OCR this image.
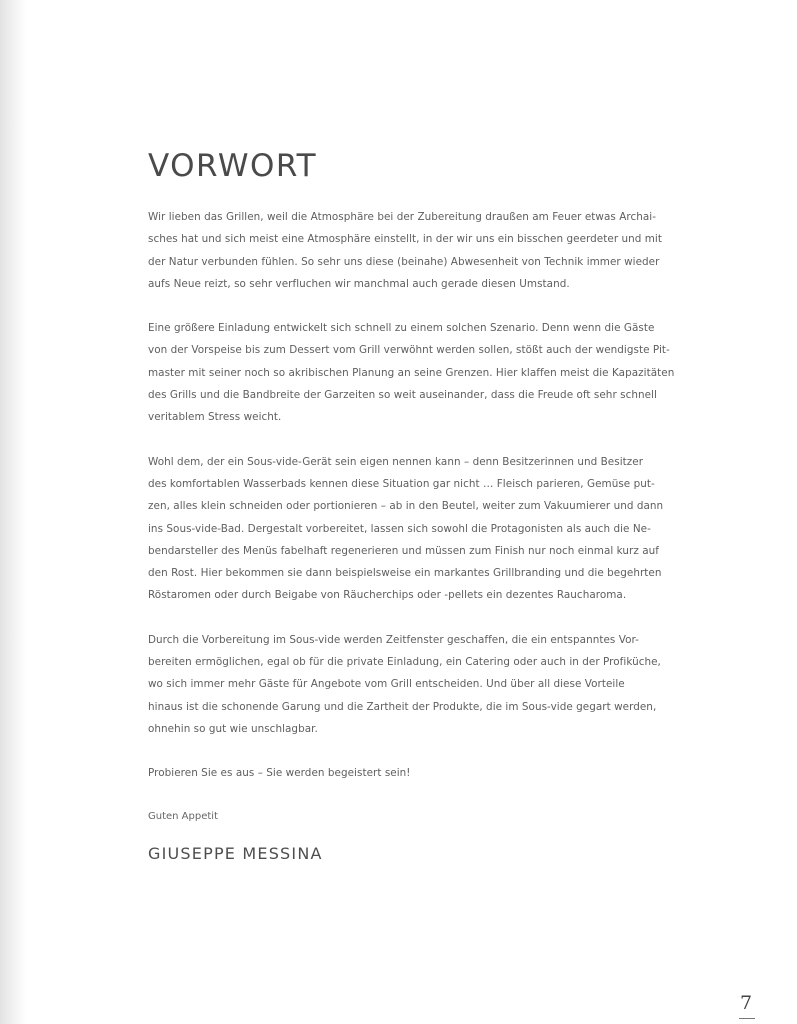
VORWORT
Wir lieben das Grillen, weil die Atmosphäre bei der Zubereitung draußen am Feuer etwas Archai-
sches hat und sich meist eine Atmosphäre einstellt, in der wir uns ein bisschen geerdeter und mit
der Natur verbunden fühlen. So sehr uns diese (beinahe) Abwesenheit von Technik immer wieder
aufs Neue reizt, so sehr verfluchen wir manchmal auch gerade diesen Umstand.
Eine größere Einladung entwickelt sich schnell zu einem solchen Szenario. Denn wenn die Gäste
von der Vorspeise bis zum Dessert vom Grill verwöhnt werden sollen, stößt auch der wendigste Pit-
master mit seiner noch so akribischen Planung an seine Grenzen. Hier klaffen meist die Kapazitäten
des Grills und die Bandbreite der Garzeiten so weit auseinander, dass die Freude oft sehr schnell
veritablem Stress weicht.
Wohl dem, der ein Sous-vide-Gerät sein eigen nennen kann – denn Besitzerinnen und Besitzer
des komfortablen Wasserbads kennen diese Situation gar nicht … Fleisch parieren, Gemüse put-
zen, alles klein schneiden oder portionieren – ab in den Beutel, weiter zum Vakuumierer und dann
ins Sous-vide-Bad. Dergestalt vorbereitet, lassen sich sowohl die Protagonisten als auch die Ne-
bendarsteller des Menüs fabelhaft regenerieren und müssen zum Finish nur noch einmal kurz auf
den Rost. Hier bekommen sie dann beispielsweise ein markantes Grillbranding und die begehrten
Röstaromen oder durch Beigabe von Räucherchips oder -pellets ein dezentes Raucharoma.
Durch die Vorbereitung im Sous-vide werden Zeitfenster geschaffen, die ein entspanntes Vor-
bereiten ermöglichen, egal ob für die private Einladung, ein Catering oder auch in der Profiküche,
wo sich immer mehr Gäste für Angebote vom Grill entscheiden. Und über all diese Vorteile
hinaus ist die schonende Garung und die Zartheit der Produkte, die im Sous-vide gegart werden,
ohnehin so gut wie unschlagbar.
Probieren Sie es aus – Sie werden begeistert sein!
Guten Appetit
GIUSEPPE MESSINA
7
